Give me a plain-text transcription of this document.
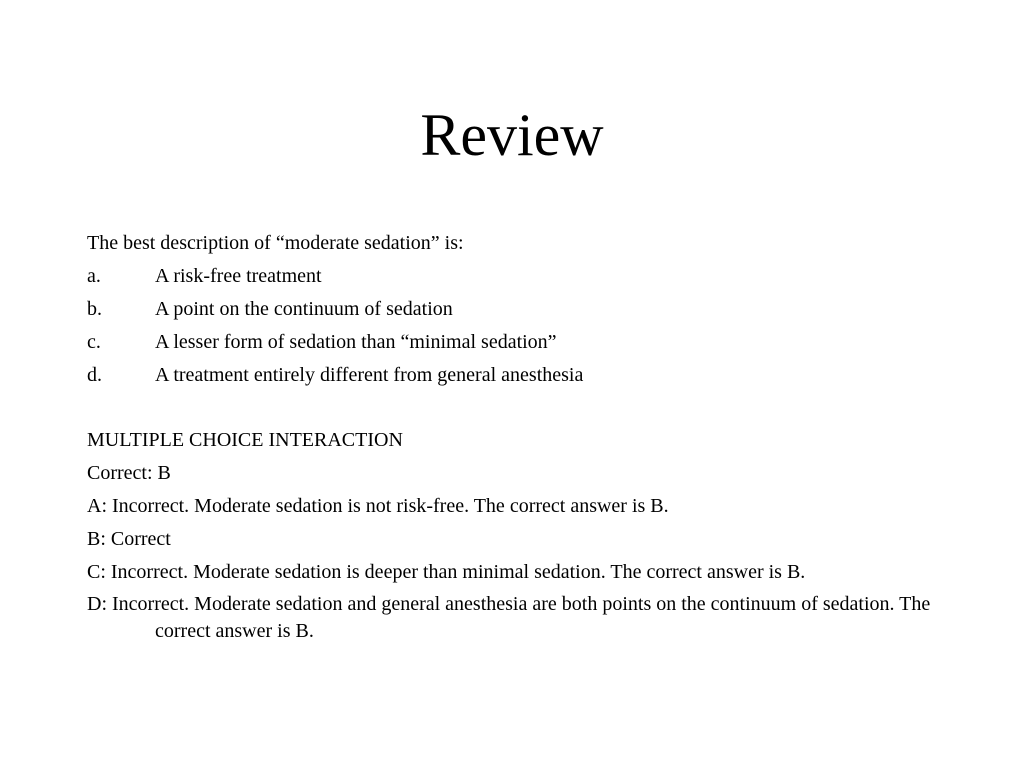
Review
The best description of “moderate sedation” is:
a.	A risk-free treatment
b.	A point on the continuum of sedation
c.	A lesser form of sedation than “minimal sedation”
d.	A treatment entirely different from general anesthesia
MULTIPLE CHOICE INTERACTION
Correct: B
A: Incorrect. Moderate sedation is not risk-free. The correct answer is B.
B: Correct
C: Incorrect. Moderate sedation is deeper than minimal sedation. The correct answer is B.
D: Incorrect. Moderate sedation and general anesthesia are both points on the continuum of sedation. The correct answer is B.
